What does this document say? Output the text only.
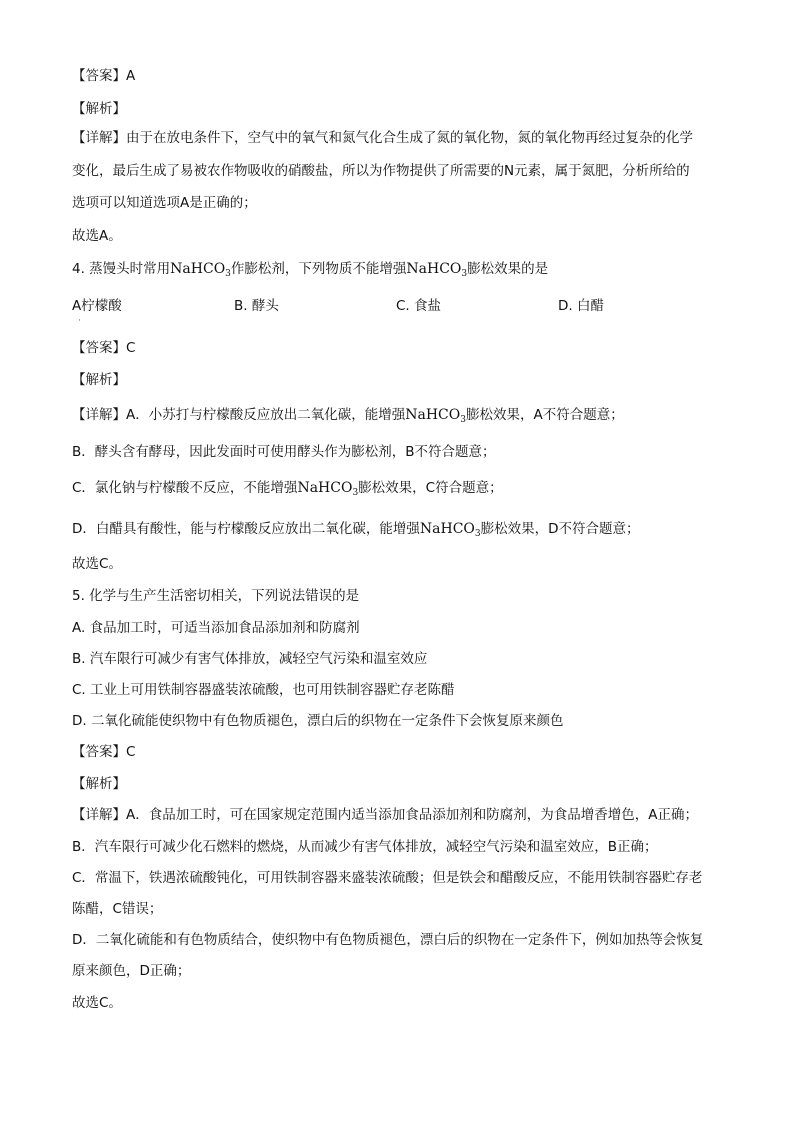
【答案】A
【解析】
【详解】由于在放电条件下，空气中的氧气和氮气化合生成了氮的氧化物，氮的氧化物再经过复杂的化学
变化，最后生成了易被农作物吸收的硝酸盐，所以为作物提供了所需要的N元素，属于氮肥，分析所给的
选项可以知道选项A是正确的；
故选A。
4. 蒸馒头时常用NaHCO$_3$作膨松剂，下列物质不能增强NaHCO$_3$膨松效果的是
A柠檬酸	B. 酵头	C. 食盐	D. 白醋
·
【答案】C
【解析】
【详解】A．小苏打与柠檬酸反应放出二氧化碳，能增强NaHCO$_3$膨松效果，A不符合题意；
B．酵头含有酵母，因此发面时可使用酵头作为膨松剂，B不符合题意；
C．氯化钠与柠檬酸不反应，不能增强NaHCO$_3$膨松效果，C符合题意；
D．白醋具有酸性，能与柠檬酸反应放出二氧化碳，能增强NaHCO$_3$膨松效果，D不符合题意；
故选C。
5. 化学与生产生活密切相关，下列说法错误的是
A. 食品加工时，可适当添加食品添加剂和防腐剂
B. 汽车限行可减少有害气体排放，减轻空气污染和温室效应
C. 工业上可用铁制容器盛装浓硫酸，也可用铁制容器贮存老陈醋
D. 二氧化硫能使织物中有色物质褪色，漂白后的织物在一定条件下会恢复原来颜色
【答案】C
【解析】
【详解】A．食品加工时，可在国家规定范围内适当添加食品添加剂和防腐剂，为食品增香增色，A正确；
B．汽车限行可减少化石燃料的燃烧，从而减少有害气体排放，减轻空气污染和温室效应，B正确；
C．常温下，铁遇浓硫酸钝化，可用铁制容器来盛装浓硫酸；但是铁会和醋酸反应，不能用铁制容器贮存老
陈醋，C错误；
D．二氧化硫能和有色物质结合，使织物中有色物质褪色，漂白后的织物在一定条件下，例如加热等会恢复
原来颜色，D正确；
故选C。
